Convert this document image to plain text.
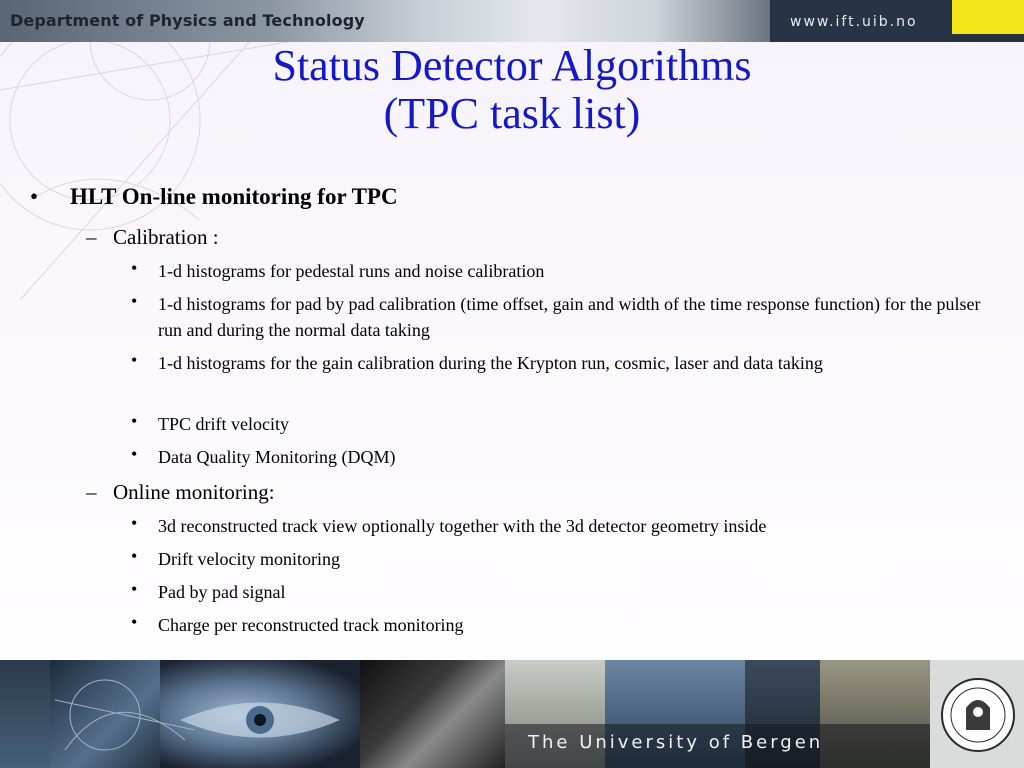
Department of Physics and Technology	www.ift.uib.no
Status Detector Algorithms
(TPC task list)
• HLT On-line monitoring for TPC
– Calibration :
• 1-d histograms for pedestal runs and noise calibration
• 1-d histograms for pad by pad calibration (time offset, gain and width of the time response function) for the pulser run and during the normal data taking
• 1-d histograms for the gain calibration during the Krypton run, cosmic, laser and data taking
• TPC drift velocity
• Data Quality Monitoring (DQM)
– Online monitoring:
• 3d reconstructed track view optionally together with the 3d detector geometry inside
• Drift velocity monitoring
• Pad by pad signal
• Charge per reconstructed track monitoring
The University of Bergen
